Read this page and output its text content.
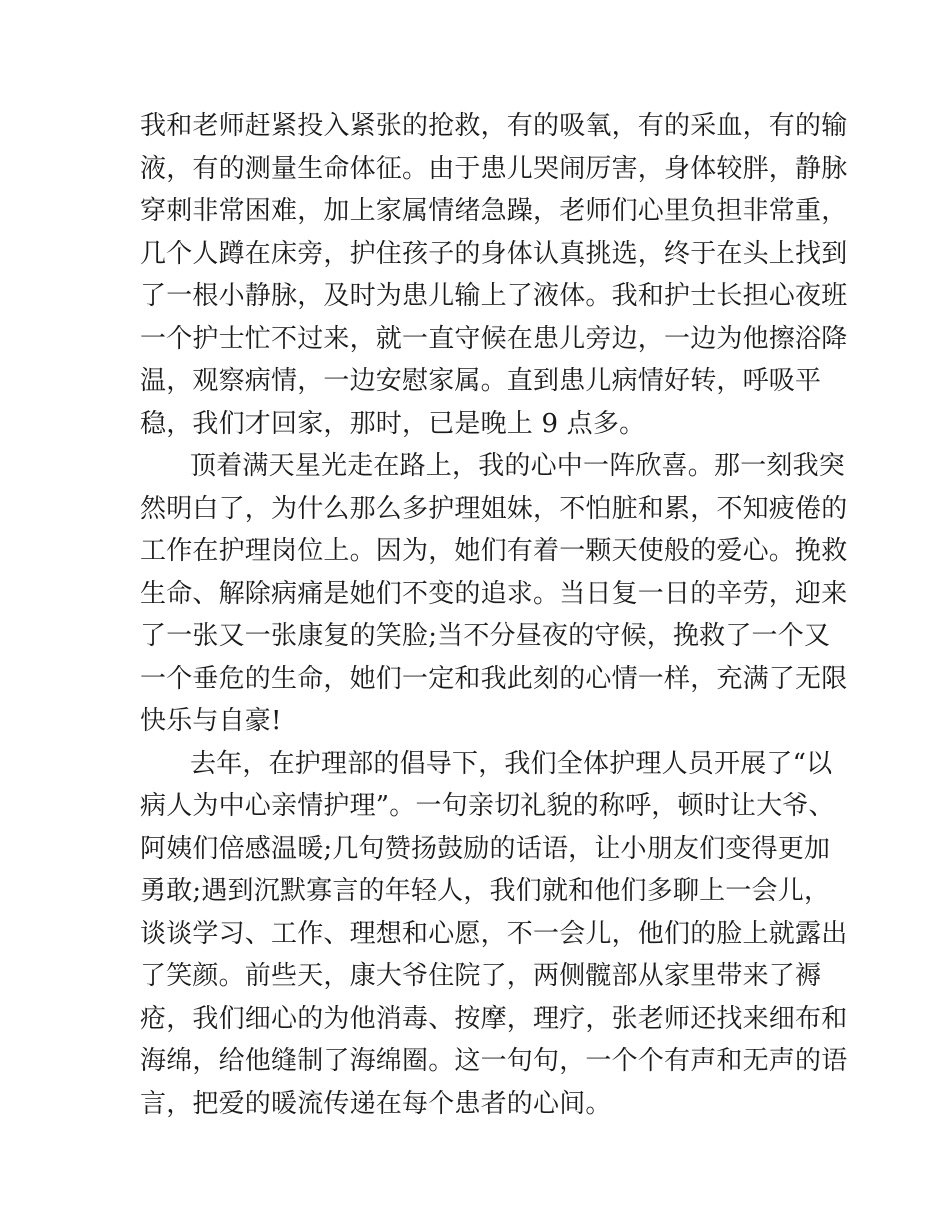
我和老师赶紧投入紧张的抢救，有的吸氧，有的采血，有的输
液，有的测量生命体征。由于患儿哭闹厉害，身体较胖，静脉
穿刺非常困难，加上家属情绪急躁，老师们心里负担非常重，
几个人蹲在床旁，护住孩子的身体认真挑选，终于在头上找到
了一根小静脉，及时为患儿输上了液体。我和护士长担心夜班
一个护士忙不过来，就一直守候在患儿旁边，一边为他擦浴降
温，观察病情，一边安慰家属。直到患儿病情好转，呼吸平
稳，我们才回家，那时，已是晚上 9 点多。
顶着满天星光走在路上，我的心中一阵欣喜。那一刻我突
然明白了，为什么那么多护理姐妹，不怕脏和累，不知疲倦的
工作在护理岗位上。因为，她们有着一颗天使般的爱心。挽救
生命、解除病痛是她们不变的追求。当日复一日的辛劳，迎来
了一张又一张康复的笑脸;当不分昼夜的守候，挽救了一个又
一个垂危的生命，她们一定和我此刻的心情一样，充满了无限
快乐与自豪!
去年，在护理部的倡导下，我们全体护理人员开展了“以
病人为中心亲情护理”。一句亲切礼貌的称呼，顿时让大爷、
阿姨们倍感温暖;几句赞扬鼓励的话语，让小朋友们变得更加
勇敢;遇到沉默寡言的年轻人，我们就和他们多聊上一会儿，
谈谈学习、工作、理想和心愿，不一会儿，他们的脸上就露出
了笑颜。前些天，康大爷住院了，两侧髋部从家里带来了褥
疮，我们细心的为他消毒、按摩，理疗，张老师还找来细布和
海绵，给他缝制了海绵圈。这一句句，一个个有声和无声的语
言，把爱的暖流传递在每个患者的心间。
